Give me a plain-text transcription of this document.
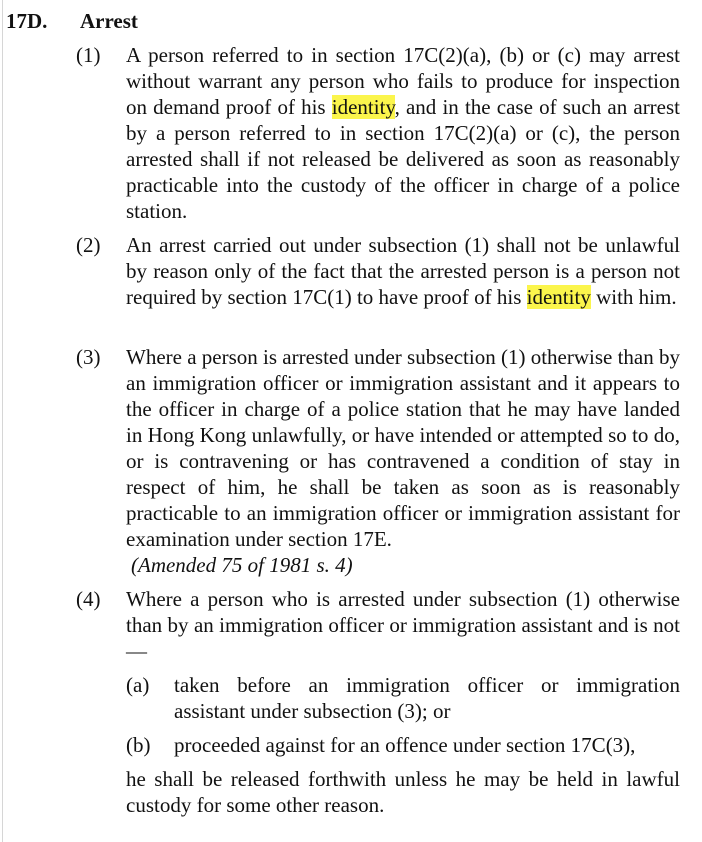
17D. Arrest
(1) A person referred to in section 17C(2)(a), (b) or (c) may arrest without warrant any person who fails to produce for inspection on demand proof of his identity, and in the case of such an arrest by a person referred to in section 17C(2)(a) or (c), the person arrested shall if not released be delivered as soon as reasonably practicable into the custody of the officer in charge of a police station.
(2) An arrest carried out under subsection (1) shall not be unlawful by reason only of the fact that the arrested person is a person not required by section 17C(1) to have proof of his identity with him.
(3) Where a person is arrested under subsection (1) otherwise than by an immigration officer or immigration assistant and it appears to the officer in charge of a police station that he may have landed in Hong Kong unlawfully, or have intended or attempted so to do, or is contravening or has contravened a condition of stay in respect of him, he shall be taken as soon as is reasonably practicable to an immigration officer or immigration assistant for examination under section 17E.
(Amended 75 of 1981 s. 4)
(4) Where a person who is arrested under subsection (1) otherwise than by an immigration officer or immigration assistant and is not—
(a) taken before an immigration officer or immigration assistant under subsection (3); or
(b) proceeded against for an offence under section 17C(3),
he shall be released forthwith unless he may be held in lawful custody for some other reason.
